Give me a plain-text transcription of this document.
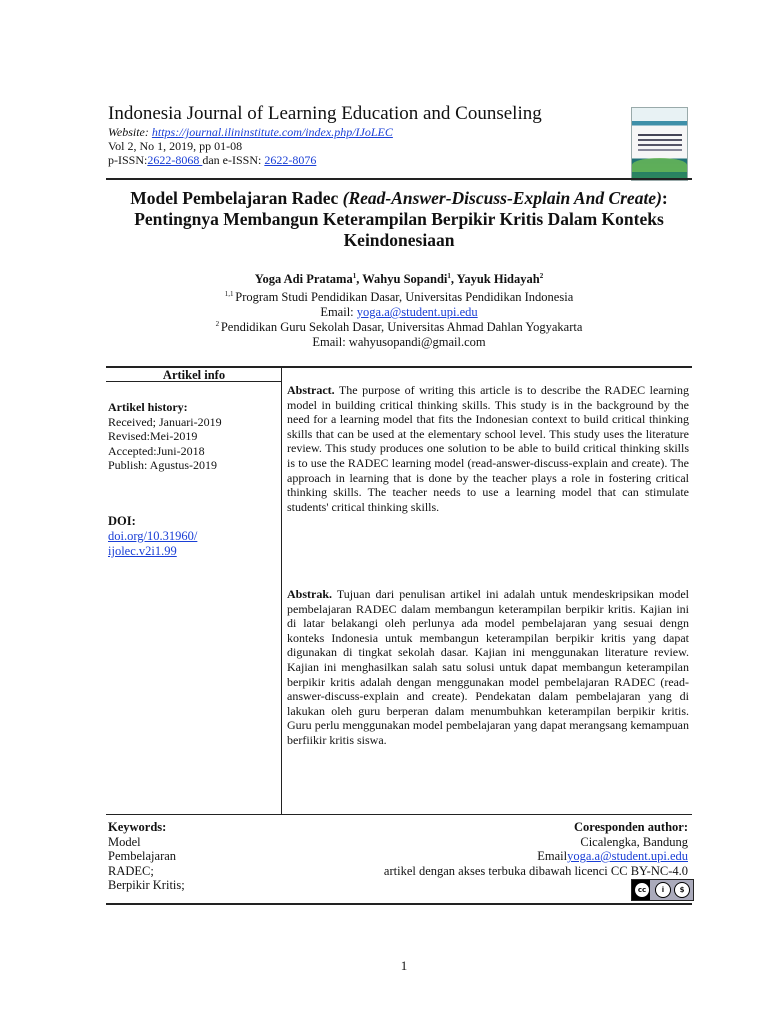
Indonesia Journal of Learning Education and Counseling
Website: https://journal.ilininstitute.com/index.php/IJoLEC
Vol 2, No 1, 2019, pp 01-08
p-ISSN:2622-8068 dan e-ISSN: 2622-8076
Model Pembelajaran Radec (Read-Answer-Discuss-Explain And Create):
Pentingnya Membangun Keterampilan Berpikir Kritis Dalam Konteks
Keindonesiaan
Yoga Adi Pratama$^1$, Wahyu Sopandi$^1$, Yayuk Hidayah$^2$
$^{1,1}$ Program Studi Pendidikan Dasar, Universitas Pendidikan Indonesia
Email: yoga.a@student.upi.edu
$^2$ Pendidikan Guru Sekolah Dasar, Universitas Ahmad Dahlan Yogyakarta
Email: wahyusopandi@gmail.com
Artikel info
Artikel history:
Received; Januari-2019
Revised:Mei-2019
Accepted:Juni-2018
Publish: Agustus-2019
DOI:
doi.org/10.31960/
ijolec.v2i1.99
Abstract. The purpose of writing this article is to describe the RADEC learning model in building critical thinking skills. This study is in the background by the need for a learning model that fits the Indonesian context to build critical thinking skills that can be used at the elementary school level. This study uses the literature review. This study produces one solution to be able to build critical thinking skills is to use the RADEC learning model (read-answer-discuss-explain and create). The approach in learning that is done by the teacher plays a role in fostering critical thinking skills. The teacher needs to use a learning model that can stimulate students' critical thinking skills.
Abstrak. Tujuan dari penulisan artikel ini adalah untuk mendeskripsikan model pembelajaran RADEC dalam membangun keterampilan berpikir kritis. Kajian ini di latar belakangi oleh perlunya ada model pembelajaran yang sesuai dengn konteks Indonesia untuk membangun keterampilan berpikir kritis yang dapat digunakan di tingkat sekolah dasar. Kajian ini menggunakan literature review. Kajian ini menghasilkan salah satu solusi untuk dapat membangun keterampilan berpikir kritis adalah dengan menggunakan model pembelajaran RADEC (read-answer-discuss-explain and create). Pendekatan dalam pembelajaran yang di lakukan oleh guru berperan dalam menumbuhkan keterampilan berpikir kritis. Guru perlu menggunakan model pembelajaran yang dapat merangsang kemampuan berfiikir kritis siswa.
Keywords:
Model
Pembelajaran
RADEC;
Berpikir Kritis;
Coresponden author:
Cicalengka, Bandung
Emailyoga.a@student.upi.edu
artikel dengan akses terbuka dibawah licenci CC BY-NC-4.0
cc	i	$
1
